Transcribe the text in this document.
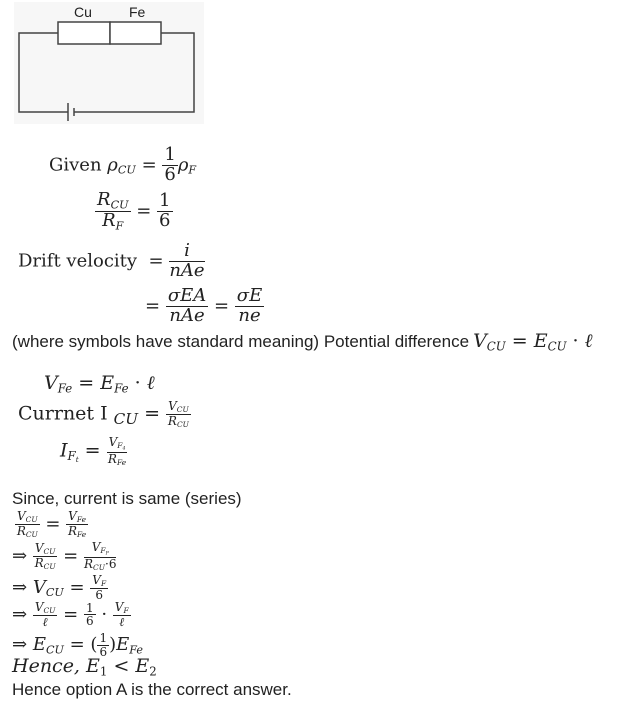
Cu	Fe
Given $\rho_{CU} = \frac{1}{6} \rho_F$
$\frac{R_{CU}}{R_F} = \frac{1}{6}$
Drift velocity  = $\frac{i}{\text{nAe}}$
= $\frac{\text{σEA}}{\text{nAe}} = \frac{\sigma E}{ne}$
(where symbols have standard meaning) Potential difference $V_{CU} = E_{CU}$ · ℓ
$V_{Fe} = E_{Fe}$ · ℓ
Currnet I $_{CU} = \frac{V_{CU}}{R_{CU}}$
$I_{F_t} = \frac{V_{F_4}}{R_{Fe}}$
Since, current is same (series)
$\frac{V_{CU}}{R_{CU}} = \frac{V_{Fe}}{R_{Fe}}$
⇒ $\frac{V_{CU}}{R_{CU}} = \frac{V_{F_P}}{R_{CU}\cdot 6}$
⇒ $V_{CU} = \frac{V_F}{6}$
⇒ $\frac{V_{CU}}{\text{ℓ}} = \frac{1}{6} \cdot \frac{V_F}{\text{ℓ}}$
⇒ $E_{CU}$ = ( $\frac{1}{6} )E_{Fe}$
Hence, $E_1 < E_2$
Hence option A is the correct answer.
